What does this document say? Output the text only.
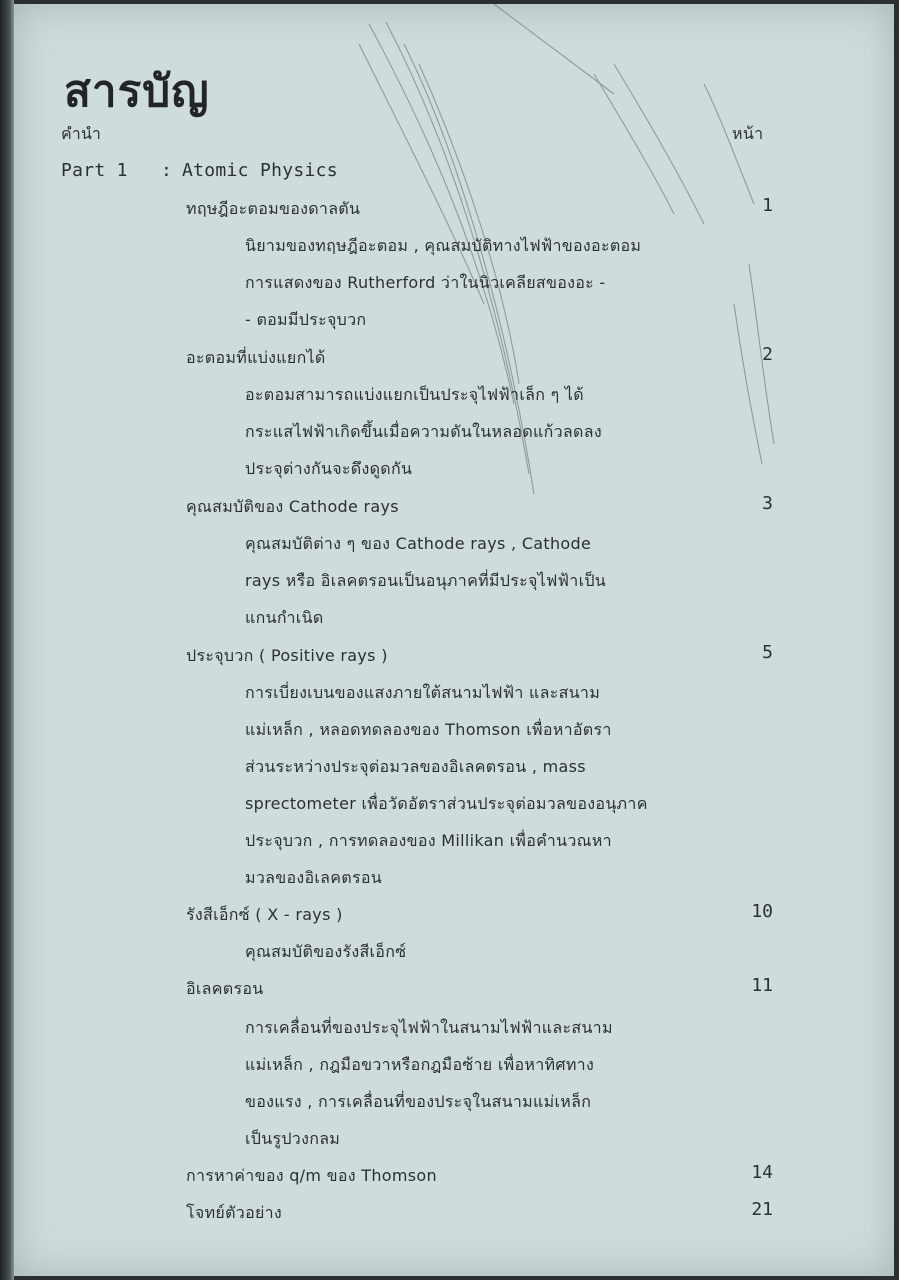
สารบัญ
คำนำ	หน้า
Part 1 : Atomic Physics
ทฤษฎีอะตอมของดาลตัน	1
นิยามของทฤษฎีอะตอม , คุณสมบัติทางไฟฟ้าของอะตอม
การแสดงของ Rutherford ว่าในนิวเคลียสของอะ -
- ตอมมีประจุบวก
อะตอมที่แบ่งแยกได้	2
อะตอมสามารถแบ่งแยกเป็นประจุไฟฟ้าเล็ก ๆ ได้
กระแสไฟฟ้าเกิดขึ้นเมื่อความดันในหลอดแก้วลดลง
ประจุต่างกันจะดึงดูดกัน
คุณสมบัติของ Cathode rays	3
คุณสมบัติต่าง ๆ ของ Cathode rays , Cathode
rays หรือ อิเลคตรอนเป็นอนุภาคที่มีประจุไฟฟ้าเป็น
แกนกำเนิด
ประจุบวก ( Positive rays )	5
การเบี่ยงเบนของแสงภายใต้สนามไฟฟ้า และสนาม
แม่เหล็ก , หลอดทดลองของ Thomson เพื่อหาอัตรา
ส่วนระหว่างประจุต่อมวลของอิเลคตรอน , mass
sprectometer เพื่อวัดอัตราส่วนประจุต่อมวลของอนุภาค
ประจุบวก , การทดลองของ Millikan เพื่อคำนวณหา
มวลของอิเลคตรอน
รังสีเอ็กซ์ ( X - rays )	10
คุณสมบัติของรังสีเอ็กซ์
อิเลคตรอน	11
การเคลื่อนที่ของประจุไฟฟ้าในสนามไฟฟ้าและสนาม
แม่เหล็ก , กฎมือขวาหรือกฎมือซ้าย เพื่อหาทิศทาง
ของแรง , การเคลื่อนที่ของประจุในสนามแม่เหล็ก
เป็นรูปวงกลม
การหาค่าของ q/m ของ Thomson	14
โจทย์ตัวอย่าง	21
